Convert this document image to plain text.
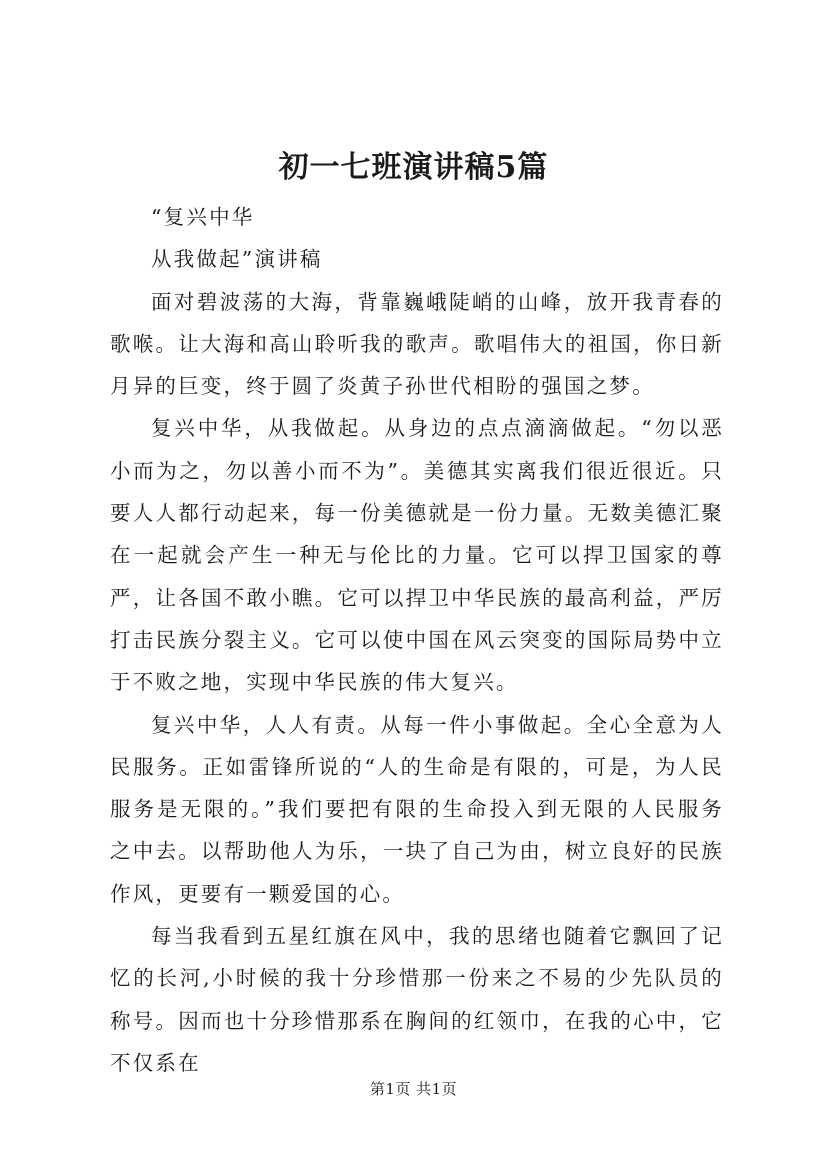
初一七班演讲稿5篇

“复兴中华

从我做起”演讲稿

面对碧波荡的大海，背靠巍峨陡峭的山峰，放开我青春的歌喉。让大海和高山聆听我的歌声。歌唱伟大的祖国，你日新月异的巨变，终于圆了炎黄子孙世代相盼的强国之梦。

复兴中华，从我做起。从身边的点点滴滴做起。“勿以恶小而为之，勿以善小而不为”。美德其实离我们很近很近。只要人人都行动起来，每一份美德就是一份力量。无数美德汇聚在一起就会产生一种无与伦比的力量。它可以捍卫国家的尊严，让各国不敢小瞧。它可以捍卫中华民族的最高利益，严厉打击民族分裂主义。它可以使中国在风云突变的国际局势中立于不败之地，实现中华民族的伟大复兴。

复兴中华，人人有责。从每一件小事做起。全心全意为人民服务。正如雷锋所说的“人的生命是有限的，可是，为人民服务是无限的。”我们要把有限的生命投入到无限的人民服务之中去。以帮助他人为乐，一块了自己为由，树立良好的民族作风，更要有一颗爱国的心。

每当我看到五星红旗在风中，我的思绪也随着它飘回了记忆的长河,小时候的我十分珍惜那一份来之不易的少先队员的称号。因而也十分珍惜那系在胸间的红领巾，在我的心中，它不仅系在

第1页 共1页
